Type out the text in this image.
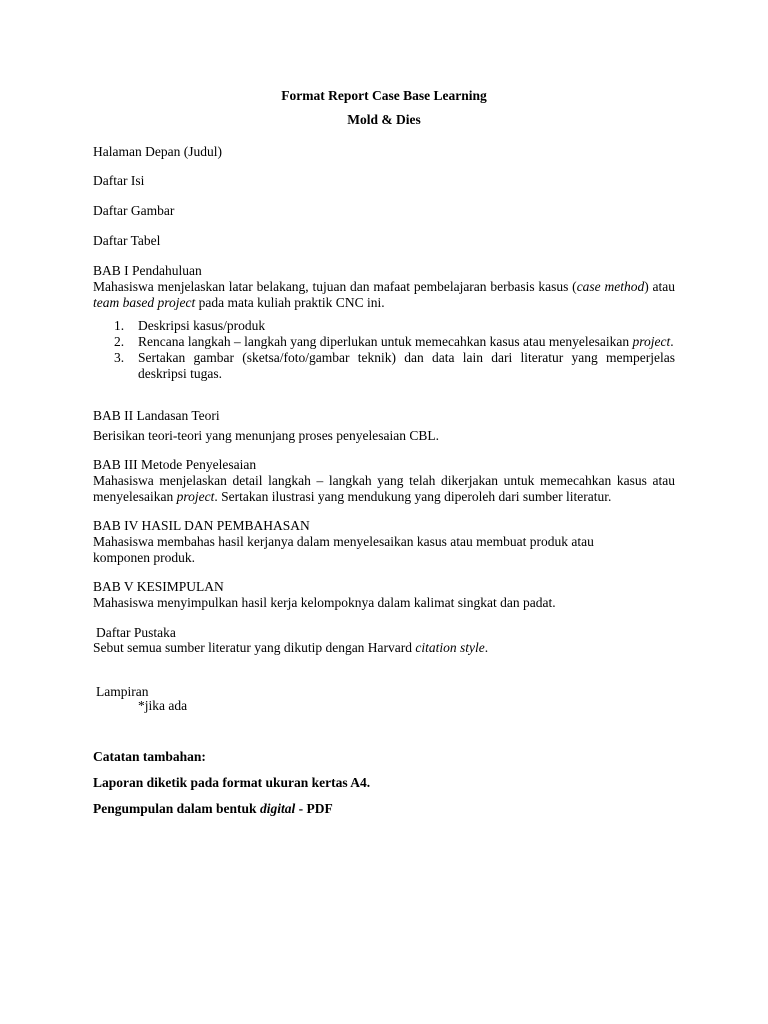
Format Report Case Base Learning
Mold & Dies
Halaman Depan (Judul)
Daftar Isi
Daftar Gambar
Daftar Tabel
BAB I Pendahuluan
Mahasiswa menjelaskan latar belakang, tujuan dan mafaat pembelajaran berbasis kasus (case method) atau team based project pada mata kuliah praktik CNC ini.
1. Deskripsi kasus/produk
2. Rencana langkah – langkah yang diperlukan untuk memecahkan kasus atau menyelesaikan project.
3. Sertakan gambar (sketsa/foto/gambar teknik) dan data lain dari literatur yang memperjelas deskripsi tugas.
BAB II Landasan Teori
Berisikan teori-teori yang menunjang proses penyelesaian CBL.
BAB III Metode Penyelesaian
Mahasiswa menjelaskan detail langkah – langkah yang telah dikerjakan untuk memecahkan kasus atau menyelesaikan project. Sertakan ilustrasi yang mendukung yang diperoleh dari sumber literatur.
BAB IV HASIL DAN PEMBAHASAN
Mahasiswa membahas hasil kerjanya dalam menyelesaikan kasus atau membuat produk atau komponen produk.
BAB V KESIMPULAN
Mahasiswa menyimpulkan hasil kerja kelompoknya dalam kalimat singkat dan padat.
Daftar Pustaka
Sebut semua sumber literatur yang dikutip dengan Harvard citation style.
Lampiran
*jika ada
Catatan tambahan:
Laporan diketik pada format ukuran kertas A4.
Pengumpulan dalam bentuk digital - PDF
